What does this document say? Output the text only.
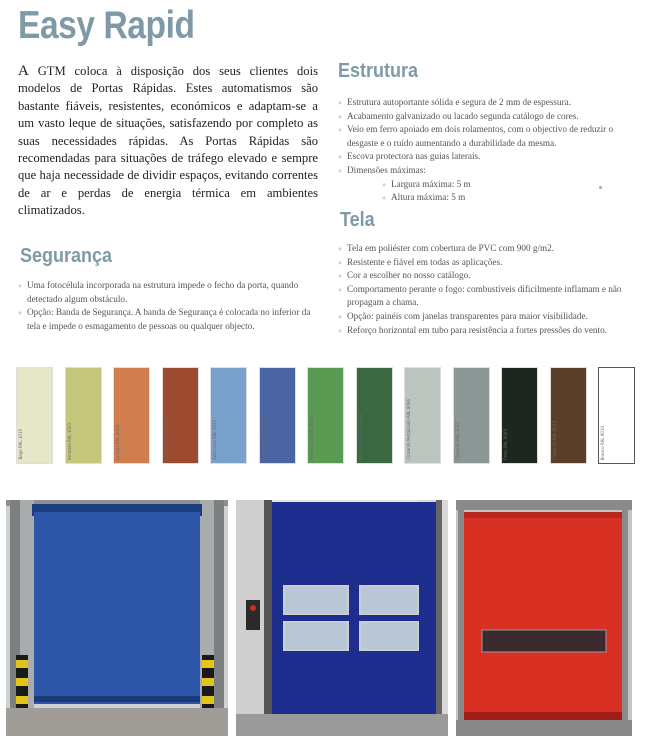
Easy Rapid

A GTM coloca à disposição dos seus clientes dois modelos de Portas Rápidas. Estes automatismos são bastante fiáveis, resistentes, económicos e adaptam-se a um vasto leque de situações, satisfazendo por completo as suas necessidades rápidas. As Portas Rápidas são recomendadas para situações de tráfego elevado e sempre que haja necessidade de dividir espaços, evitando correntes de ar e perdas de energia térmica em ambientes climatizados.

Segurança
» Uma fotocélula incorporada na estrutura impede o fecho da porta, quando detectado algum obstáculo.
» Opção: Banda de Segurança. A banda de Segurança é colocada no inferior da tela e impede o esmagamento de pessoas ou qualquer objecto.
Estrutura
» Estrutura autoportante sólida e segura de 2 mm de espessura.
» Acabamento galvanizado ou lacado segunda catálogo de cores.
» Veio em ferro apoiado em dois rolamentos, com o objectivo de reduzir o desgaste e o ruído aumentando a durabilidade da mesma.
» Escova protectora nas guias laterais.
» Dimensões máximas:
» Largura máxima: 5 m
» Altura máxima: 5 m
Tela
» Tela em poliéster com cobertura de PVC com 900 g/m2.
» Resistente e fiável em todas as aplicações.
» Cor a escolher no nosso catálogo.
» Comportamento perante o fogo: combustíveis dificilmente inflamam e não propagam a chama.
» Opção: painéis com janelas transparentes para maior visibilidade.
» Reforço horizontal em tubo para resistência a fortes pressões do vento.
Bege RAL 1015	Amarelo RAL 1003	Laranja RAL 2008	Vermelho RAL 3002	Azul claro RAL 5015	Azul escuro RAL 5010	Verde claro RAL 6018	Verde escuro RAL 6026	Cinzento Metalizado RAL 9006	Cinzento RAL 7037	Preto RAL 9005	Castanho RAL 8014	Branco RAL 9010
